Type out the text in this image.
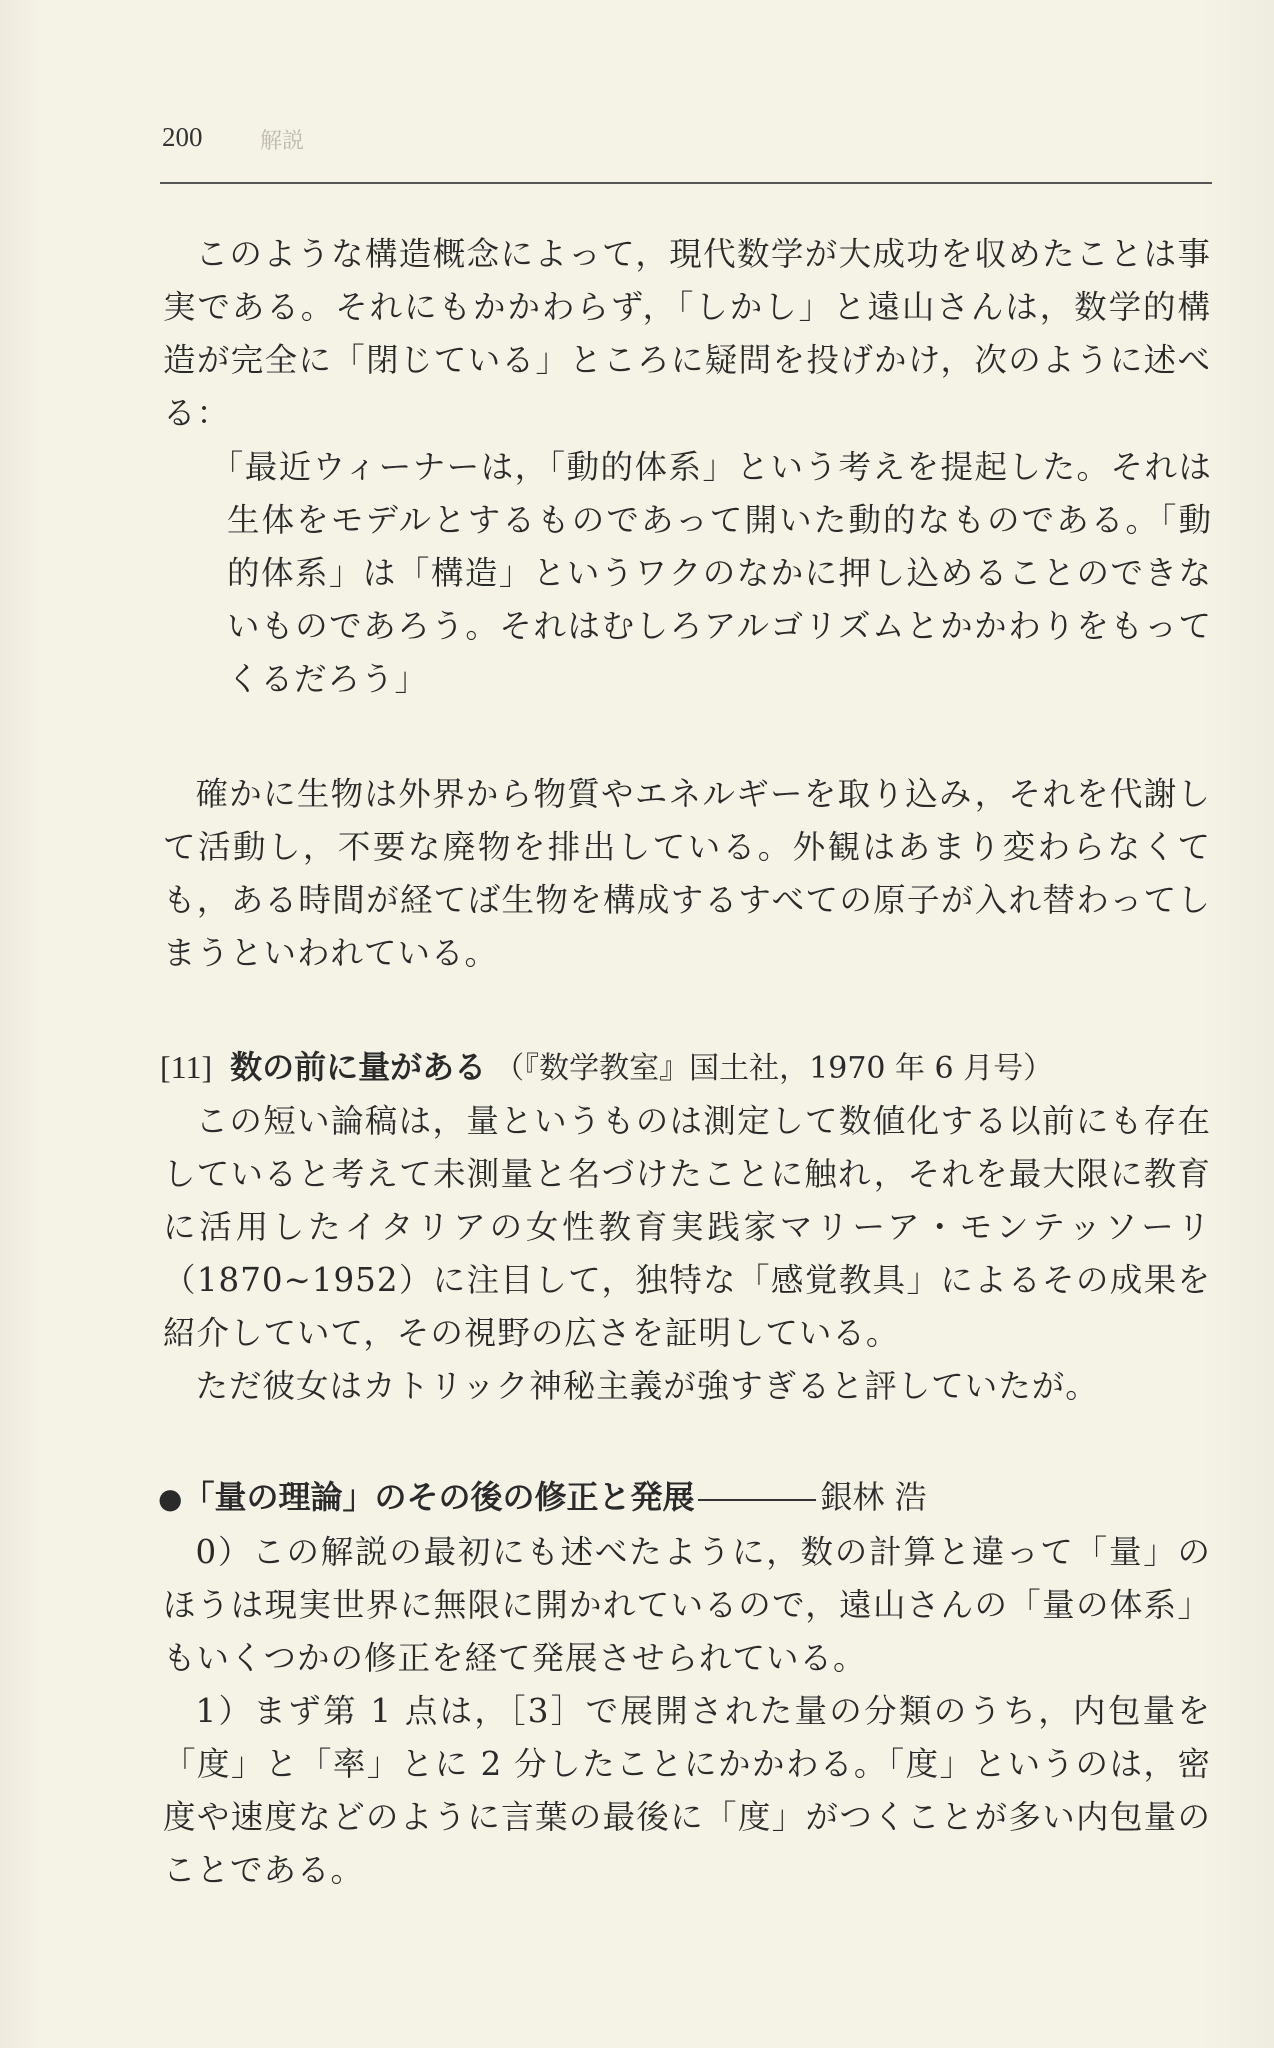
200	解説

このような構造概念によって，現代数学が大成功を収めたことは事実である。それにもかかわらず，「しかし」と遠山さんは，数学的構造が完全に「閉じている」ところに疑問を投げかけ，次のように述べる：

「最近ウィーナーは，「動的体系」という考えを提起した。それは生体をモデルとするものであって開いた動的なものである。「動的体系」は「構造」というワクのなかに押し込めることのできないものであろう。それはむしろアルゴリズムとかかわりをもってくるだろう」

確かに生物は外界から物質やエネルギーを取り込み，それを代謝して活動し，不要な廃物を排出している。外観はあまり変わらなくても，ある時間が経てば生物を構成するすべての原子が入れ替わってしまうといわれている。

[11] 数の前に量がある （『数学教室』国土社，1970 年 6 月号）

この短い論稿は，量というものは測定して数値化する以前にも存在していると考えて未測量と名づけたことに触れ，それを最大限に教育に活用したイタリアの女性教育実践家マリーア・モンテッソーリ（1870∼1952）に注目して，独特な「感覚教具」によるその成果を紹介していて，その視野の広さを証明している。

ただ彼女はカトリック神秘主義が強すぎると評していたが。

●「量の理論」のその後の修正と発展	銀林 浩

0）この解説の最初にも述べたように，数の計算と違って「量」のほうは現実世界に無限に開かれているので，遠山さんの「量の体系」もいくつかの修正を経て発展させられている。

1）まず第 1 点は，［3］で展開された量の分類のうち，内包量を「度」と「率」とに 2 分したことにかかわる。「度」というのは，密度や速度などのように言葉の最後に「度」がつくことが多い内包量のことである。
